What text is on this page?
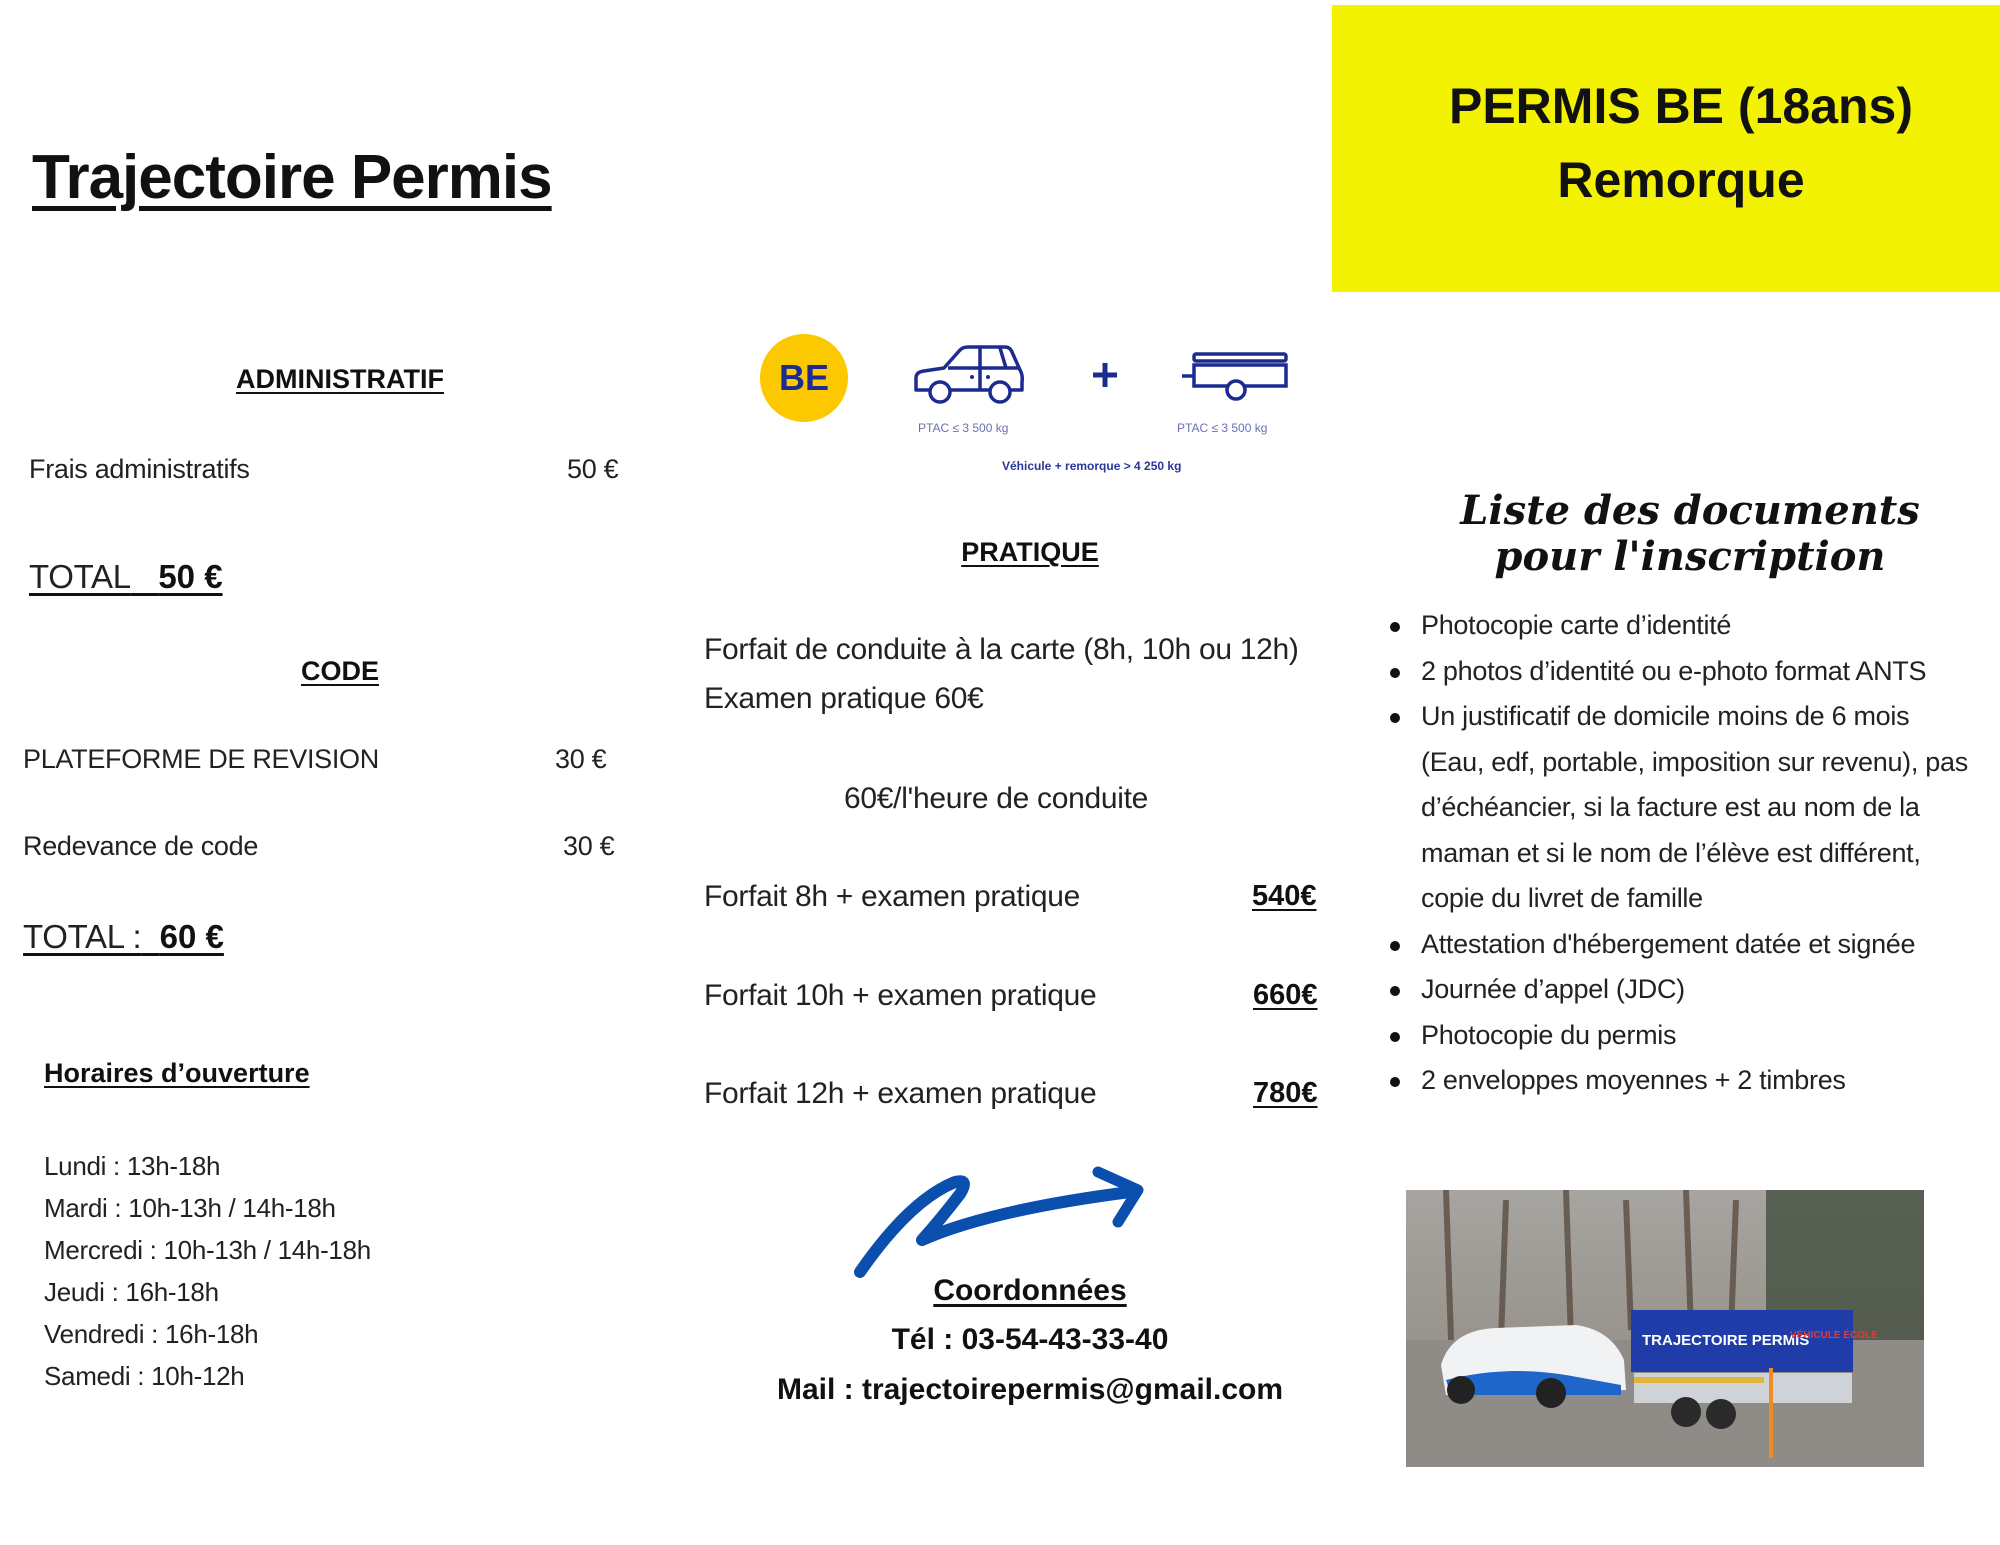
Trajectoire Permis
PERMIS BE (18ans)
Remorque
ADMINISTRATIF
Frais administratifs	50 €
TOTAL 50 €
CODE
PLATEFORME DE REVISION	30 €
Redevance de code	30 €
TOTAL : 60 €
Horaires d’ouverture
Lundi : 13h-18h
Mardi : 10h-13h / 14h-18h
Mercredi : 10h-13h / 14h-18h
Jeudi : 16h-18h
Vendredi : 16h-18h
Samedi : 10h-12h
BE
PTAC ≤ 3 500 kg	PTAC ≤ 3 500 kg
Véhicule + remorque > 4 250 kg
PRATIQUE
Forfait de conduite à la carte (8h, 10h ou 12h)
Examen pratique 60€
60€/l'heure de conduite
Forfait 8h + examen pratique	540€
Forfait 10h + examen pratique	660€
Forfait 12h + examen pratique	780€
Coordonnées
Tél : 03-54-43-33-40
Mail : trajectoirepermis@gmail.com
Liste des documents
pour l'inscription
Photocopie carte d’identité
2 photos d’identité ou e-photo format ANTS
Un justificatif de domicile moins de 6 mois (Eau, edf, portable, imposition sur revenu), pas d’échéancier, si la facture est au nom de la maman et si le nom de l’élève est différent, copie du livret de famille
Attestation d'hébergement datée et signée
Journée d’appel (JDC)
Photocopie du permis
2 enveloppes moyennes + 2 timbres
TRAJECTOIRE PERMIS
VÉHICULE ÉCOLE
